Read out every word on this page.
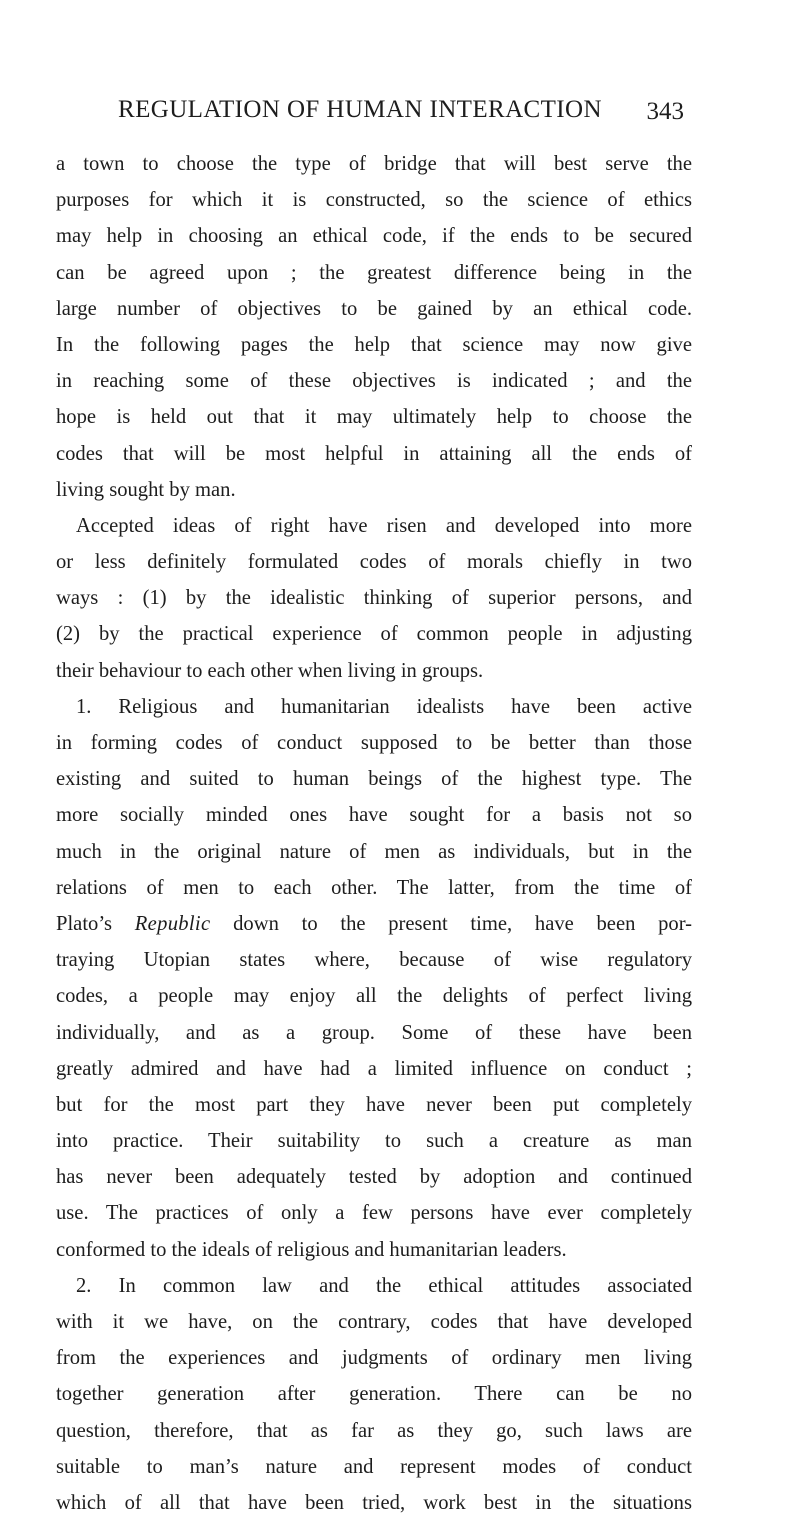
REGULATION OF HUMAN INTERACTION 343
a town to choose the type of bridge that will best serve the
purposes for which it is constructed, so the science of ethics
may help in choosing an ethical code, if the ends to be secured
can be agreed upon ; the greatest difference being in the
large number of objectives to be gained by an ethical code.
In the following pages the help that science may now give
in reaching some of these objectives is indicated ; and the
hope is held out that it may ultimately help to choose the
codes that will be most helpful in attaining all the ends of
living sought by man.
Accepted ideas of right have risen and developed into more
or less definitely formulated codes of morals chiefly in two
ways : (1) by the idealistic thinking of superior persons, and
(2) by the practical experience of common people in adjusting
their behaviour to each other when living in groups.
1. Religious and humanitarian idealists have been active
in forming codes of conduct supposed to be better than those
existing and suited to human beings of the highest type. The
more socially minded ones have sought for a basis not so
much in the original nature of men as individuals, but in the
relations of men to each other. The latter, from the time of
Plato’s Republic down to the present time, have been por-
traying Utopian states where, because of wise regulatory
codes, a people may enjoy all the delights of perfect living
individually, and as a group. Some of these have been
greatly admired and have had a limited influence on conduct ;
but for the most part they have never been put completely
into practice. Their suitability to such a creature as man
has never been adequately tested by adoption and continued
use. The practices of only a few persons have ever completely
conformed to the ideals of religious and humanitarian leaders.
2. In common law and the ethical attitudes associated
with it we have, on the contrary, codes that have developed
from the experiences and judgments of ordinary men living
together generation after generation. There can be no
question, therefore, that as far as they go, such laws are
suitable to man’s nature and represent modes of conduct
which of all that have been tried, work best in the situations
